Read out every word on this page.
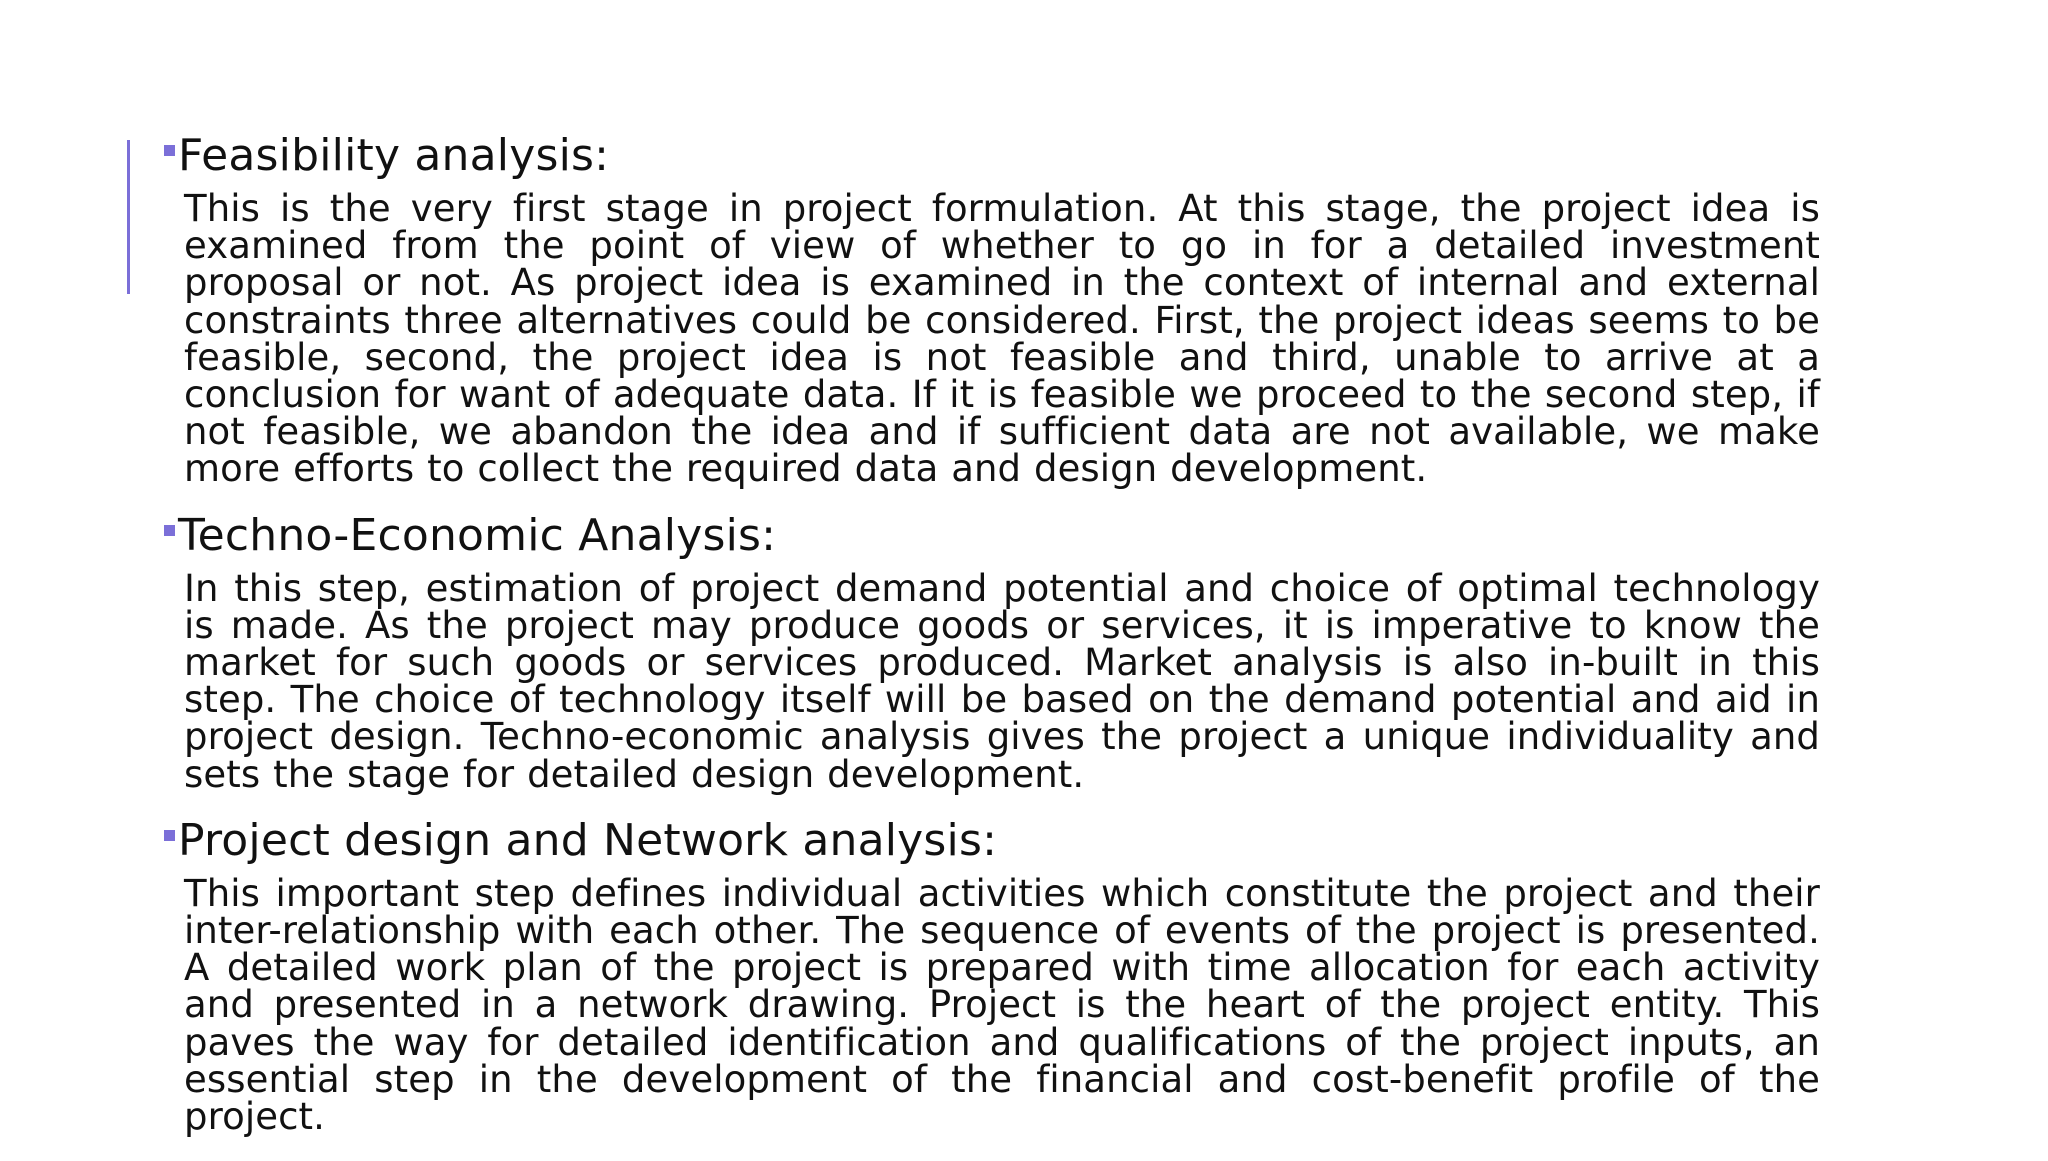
Feasibility analysis:
This is the very first stage in project formulation. At this stage, the project idea is examined from the point of view of whether to go in for a detailed investment proposal or not. As project idea is examined in the context of internal and external constraints three alternatives could be considered. First, the project ideas seems to be feasible, second, the project idea is not feasible and third, unable to arrive at a conclusion for want of adequate data. If it is feasible we proceed to the second step, if not feasible, we abandon the idea and if sufficient data are not available, we make more efforts to collect the required data and design development.
Techno-Economic Analysis:
In this step, estimation of project demand potential and choice of optimal technology is made. As the project may produce goods or services, it is imperative to know the market for such goods or services produced. Market analysis is also in-built in this step. The choice of technology itself will be based on the demand potential and aid in project design. Techno-economic analysis gives the project a unique individuality and sets the stage for detailed design development.
Project design and Network analysis:
This important step defines individual activities which constitute the project and their inter-relationship with each other. The sequence of events of the project is presented. A detailed work plan of the project is prepared with time allocation for each activity and presented in a network drawing. Project is the heart of the project entity. This paves the way for detailed identification and qualifications of the project inputs, an essential step in the development of the financial and cost-benefit profile of the project.
